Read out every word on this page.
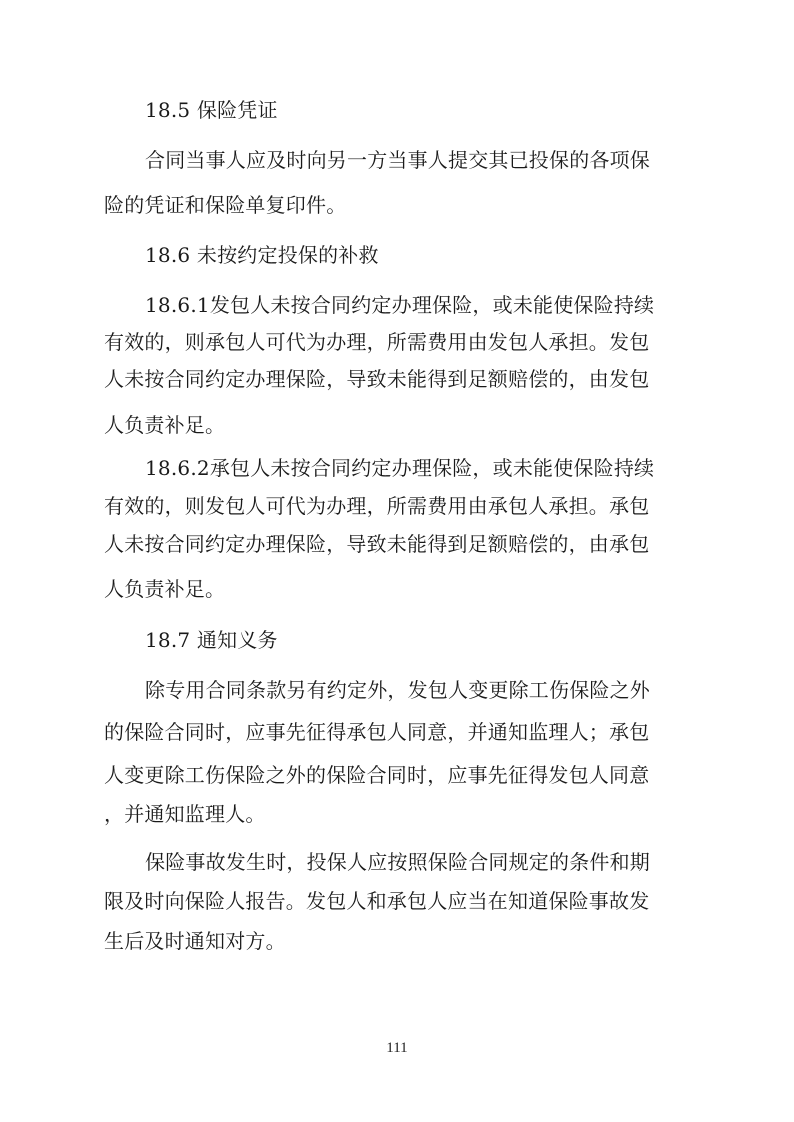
18.5 保险凭证
合同当事人应及时向另一方当事人提交其已投保的各项保
险的凭证和保险单复印件。
18.6 未按约定投保的补救
18.6.1发包人未按合同约定办理保险，或未能使保险持续
有效的，则承包人可代为办理，所需费用由发包人承担。发包
人未按合同约定办理保险，导致未能得到足额赔偿的，由发包
人负责补足。
18.6.2承包人未按合同约定办理保险，或未能使保险持续
有效的，则发包人可代为办理，所需费用由承包人承担。承包
人未按合同约定办理保险，导致未能得到足额赔偿的，由承包
人负责补足。
18.7 通知义务
除专用合同条款另有约定外，发包人变更除工伤保险之外
的保险合同时，应事先征得承包人同意，并通知监理人；承包
人变更除工伤保险之外的保险合同时，应事先征得发包人同意
，并通知监理人。
保险事故发生时，投保人应按照保险合同规定的条件和期
限及时向保险人报告。发包人和承包人应当在知道保险事故发
生后及时通知对方。
111
